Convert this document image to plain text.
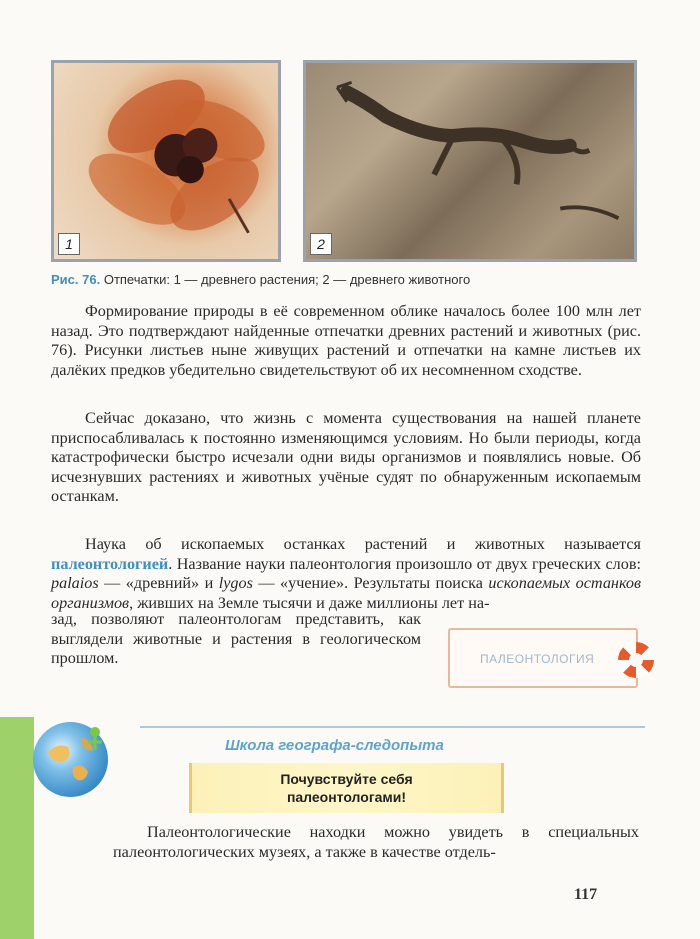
1	2
Рис. 76. Отпечатки: 1 — древнего растения; 2 — древнего животного

Формирование природы в её современном облике началось более 100 млн лет назад. Это подтверждают найденные отпечатки древних растений и животных (рис. 76). Рисунки листьев ныне живущих растений и отпечатки на камне листьев их далёких предков убедительно свидетельствуют об их несомненном сходстве.

Сейчас доказано, что жизнь с момента существования на нашей планете приспосабливалась к постоянно изменяющимся условиям. Но были периоды, когда катастрофически быстро исчезали одни виды организмов и появлялись новые. Об исчезнувших растениях и животных учёные судят по обнаруженным ископаемым останкам.

Наука об ископаемых останках растений и животных называется палеонтологией. Название науки палеонтология произошло от двух греческих слов: palaios — «древний» и lygos — «учение». Результаты поиска ископаемых останков организмов, живших на Земле тысячи и даже миллионы лет на-

зад, позволяют палеонтологам представить, как выглядели животные и растения в геологическом прошлом.	ПАЛЕОНТОЛОГИЯ
Школа географа-следопыта
Почувствуйте себя
палеонтологами!

Палеонтологические находки можно увидеть в специальных палеонтологических музеях, а также в качестве отдель-

117
